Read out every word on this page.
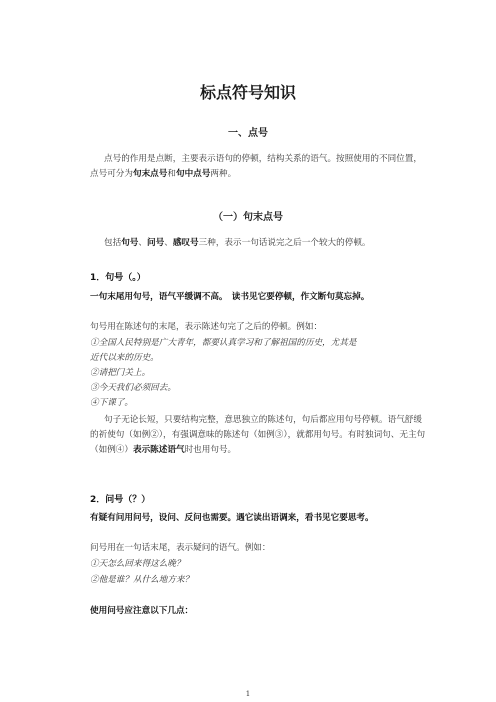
标点符号知识
一、点号
点号的作用是点断，主要表示语句的停顿，结构关系的语气。按照使用的不同位置，点号可分为句末点号和句中点号两种。
（一）句末点号
包括句号、问号、感叹号三种，表示一句话说完之后一个较大的停顿。
1．句号（。）
一句末尾用句号，语气平缓调不高。　读书见它要停顿，作文断句莫忘掉。
句号用在陈述句的末尾，表示陈述句完了之后的停顿。例如：
①全国人民特别是广大青年，都要认真学习和了解祖国的历史，尤其是
近代以来的历史。
②请把门关上。
③今天我们必须回去。
④下课了。
句子无论长短，只要结构完整，意思独立的陈述句，句后都应用句号停顿。语气舒缓的祈使句（如例②），有强调意味的陈述句（如例③），就都用句号。有时独词句、无主句（如例④）表示陈述语气时也用句号。
2．问号（？）
有疑有问用问号，设问、反问也需要。遇它读出语调来，看书见它要思考。
问号用在一句话末尾，表示疑问的语气。例如：
①天怎么回来得这么晚？
②他是谁？从什么地方来？
使用问号应注意以下几点：
1
